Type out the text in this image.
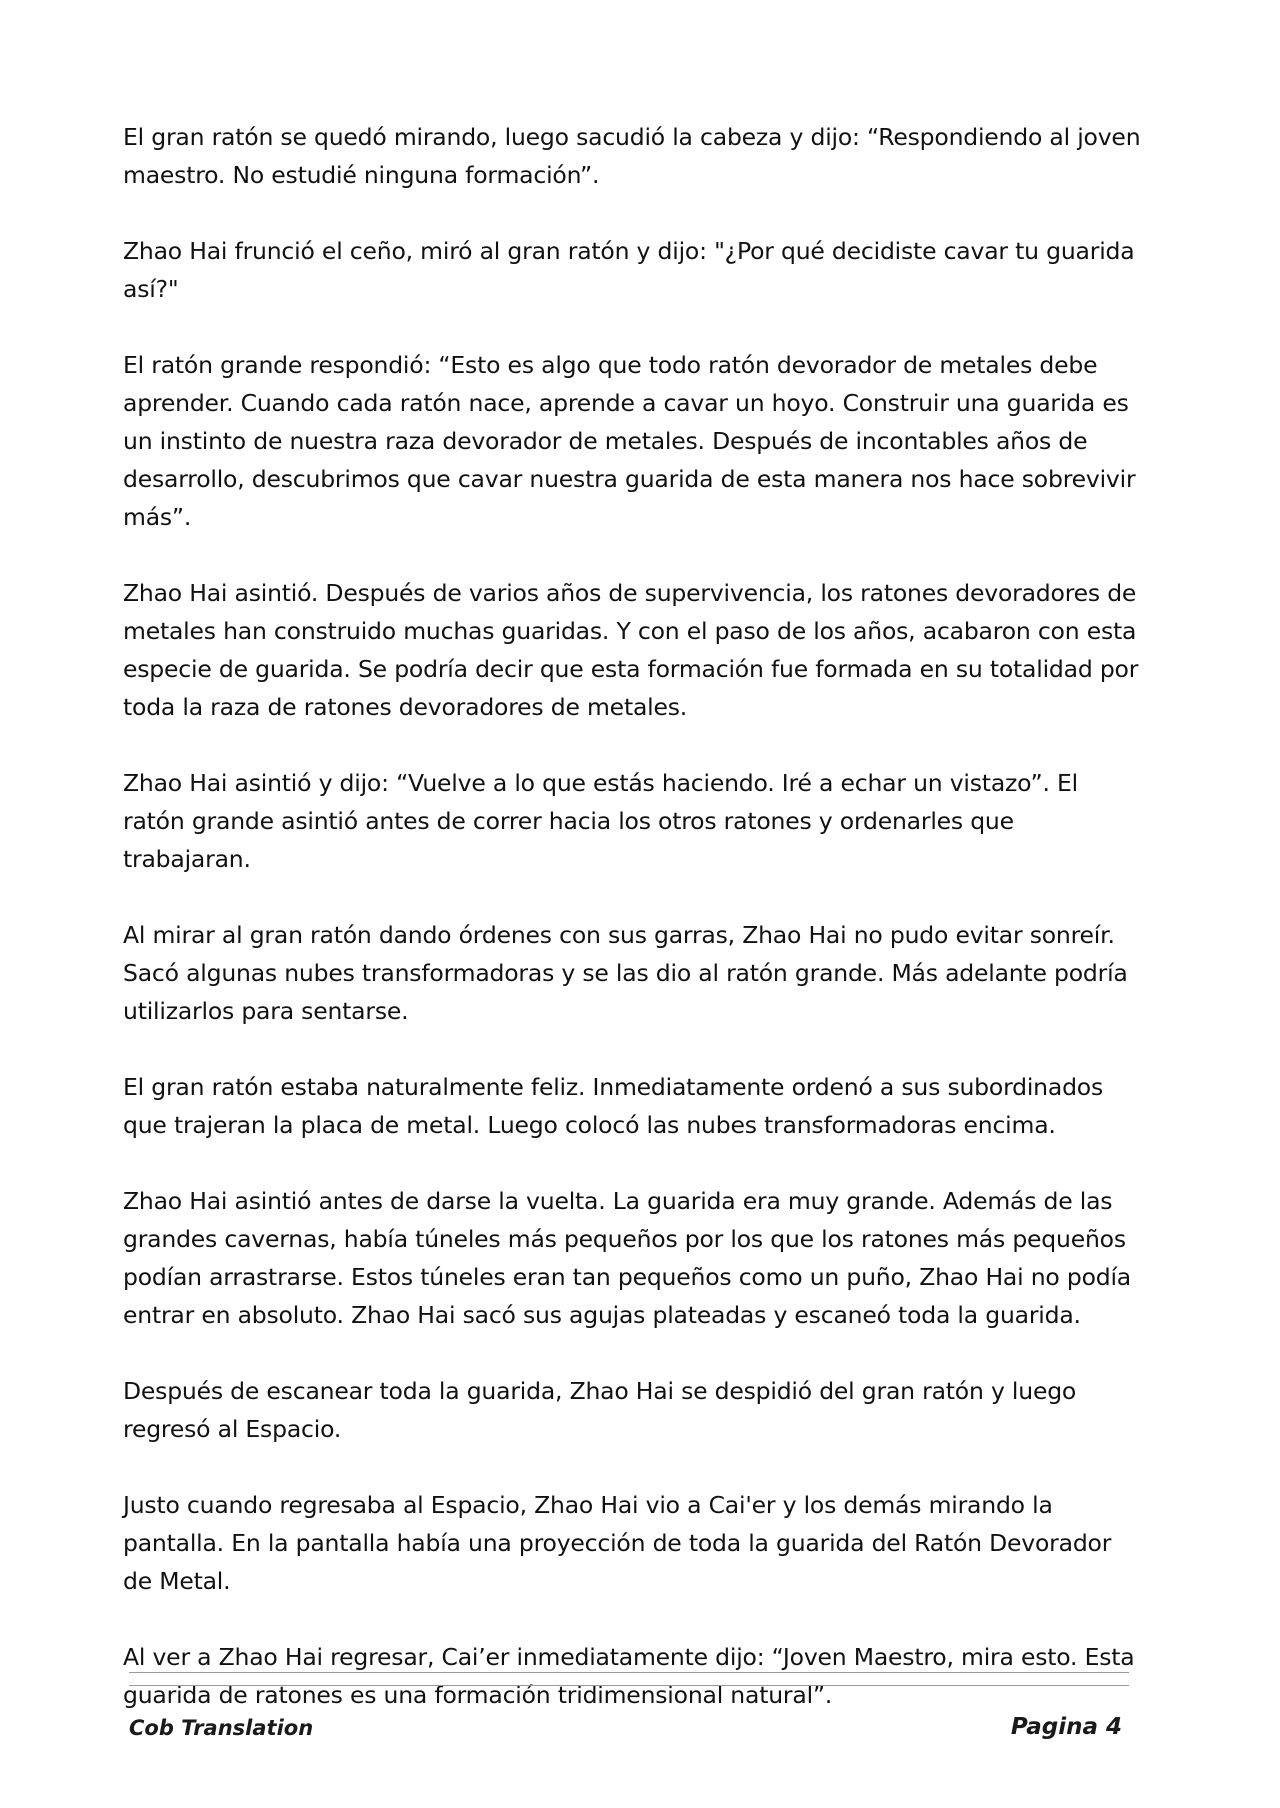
El gran ratón se quedó mirando, luego sacudió la cabeza y dijo: “Respondiendo al joven maestro. No estudié ninguna formación”.

Zhao Hai frunció el ceño, miró al gran ratón y dijo: "¿Por qué decidiste cavar tu guarida así?"

El ratón grande respondió: “Esto es algo que todo ratón devorador de metales debe aprender. Cuando cada ratón nace, aprende a cavar un hoyo. Construir una guarida es un instinto de nuestra raza devorador de metales. Después de incontables años de desarrollo, descubrimos que cavar nuestra guarida de esta manera nos hace sobrevivir más”.

Zhao Hai asintió. Después de varios años de supervivencia, los ratones devoradores de metales han construido muchas guaridas. Y con el paso de los años, acabaron con esta especie de guarida. Se podría decir que esta formación fue formada en su totalidad por toda la raza de ratones devoradores de metales.

Zhao Hai asintió y dijo: “Vuelve a lo que estás haciendo. Iré a echar un vistazo”. El ratón grande asintió antes de correr hacia los otros ratones y ordenarles que trabajaran.

Al mirar al gran ratón dando órdenes con sus garras, Zhao Hai no pudo evitar sonreír. Sacó algunas nubes transformadoras y se las dio al ratón grande. Más adelante podría utilizarlos para sentarse.

El gran ratón estaba naturalmente feliz. Inmediatamente ordenó a sus subordinados que trajeran la placa de metal. Luego colocó las nubes transformadoras encima.

Zhao Hai asintió antes de darse la vuelta. La guarida era muy grande. Además de las grandes cavernas, había túneles más pequeños por los que los ratones más pequeños podían arrastrarse. Estos túneles eran tan pequeños como un puño, Zhao Hai no podía entrar en absoluto. Zhao Hai sacó sus agujas plateadas y escaneó toda la guarida.

Después de escanear toda la guarida, Zhao Hai se despidió del gran ratón y luego regresó al Espacio.

Justo cuando regresaba al Espacio, Zhao Hai vio a Cai'er y los demás mirando la pantalla. En la pantalla había una proyección de toda la guarida del Ratón Devorador de Metal.

Al ver a Zhao Hai regresar, Cai’er inmediatamente dijo: “Joven Maestro, mira esto. Esta guarida de ratones es una formación tridimensional natural”.

Cob Translation	Pagina 4
